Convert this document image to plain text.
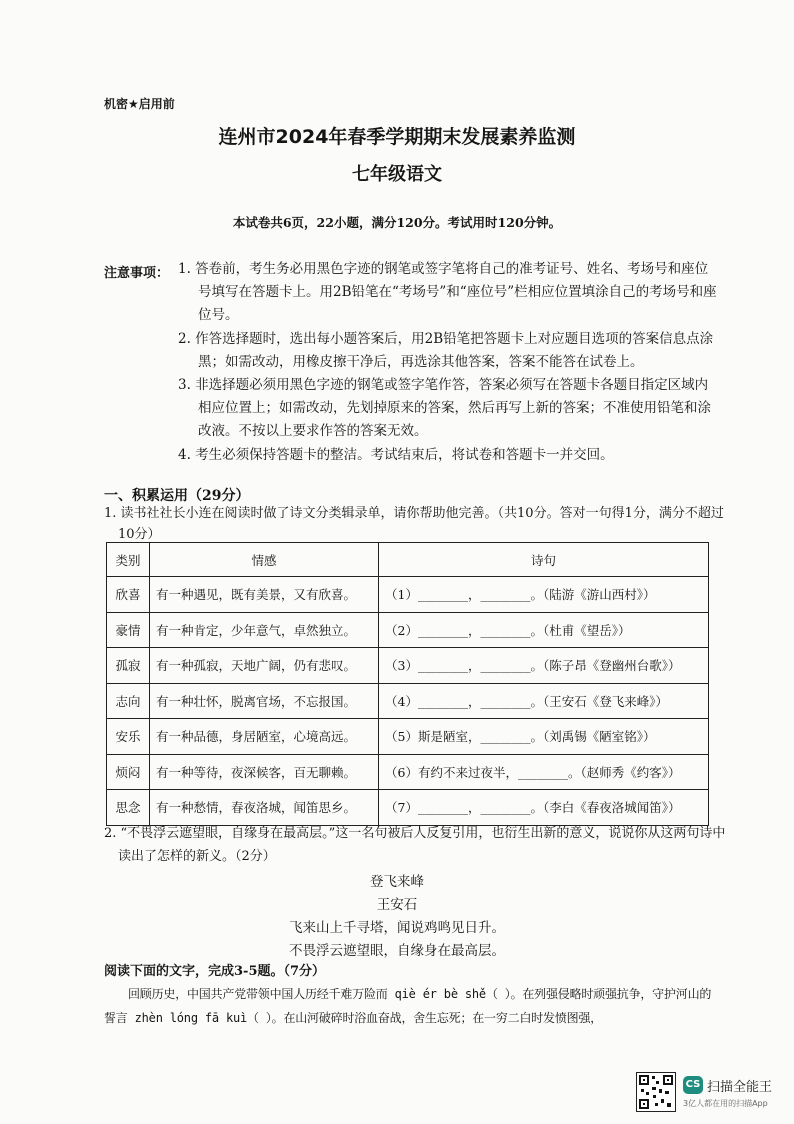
机密★启用前
连州市2024年春季学期期末发展素养监测
七年级语文
本试卷共6页，22小题，满分120分。考试用时120分钟。
注意事项： 1. 答卷前，考生务必用黑色字迹的钢笔或签字笔将自己的准考证号、姓名、考场号和座位号填写在答题卡上。用2B铅笔在“考场号”和“座位号”栏相应位置填涂自己的考场号和座位号。

2. 作答选择题时，选出每小题答案后，用2B铅笔把答题卡上对应题目选项的答案信息点涂黑；如需改动，用橡皮擦干净后，再选涂其他答案，答案不能答在试卷上。

3. 非选择题必须用黑色字迹的钢笔或签字笔作答，答案必须写在答题卡各题目指定区域内相应位置上；如需改动，先划掉原来的答案，然后再写上新的答案；不准使用铅笔和涂改液。不按以上要求作答的答案无效。

4. 考生必须保持答题卡的整洁。考试结束后，将试卷和答题卡一并交回。

一、积累运用（29分）
1. 读书社社长小连在阅读时做了诗文分类辑录单，请你帮助他完善。（共10分。答对一句得1分，满分不超过10分）
类别	情感	诗句
欣喜	有一种遇见，既有美景，又有欣喜。	（1）________，________。（陆游《游山西村》）
豪情	有一种肯定，少年意气，卓然独立。	（2）________，________。（杜甫《望岳》）
孤寂	有一种孤寂，天地广阔，仍有悲叹。	（3）________，________。（陈子昂《登幽州台歌》）
志向	有一种壮怀，脱离官场，不忘报国。	（4）________，________。（王安石《登飞来峰》）
安乐	有一种品德，身居陋室，心境高远。	（5）斯是陋室，________。（刘禹锡《陋室铭》）
烦闷	有一种等待，夜深候客，百无聊赖。	（6）有约不来过夜半，________。（赵师秀《约客》）
思念	有一种愁情，春夜洛城，闻笛思乡。	（7）________，________。（李白《春夜洛城闻笛》）
2. “不畏浮云遮望眼，自缘身在最高层。”这一名句被后人反复引用，也衍生出新的意义，说说你从这两句诗中读出了怎样的新义。（2分）
登飞来峰
王安石
飞来山上千寻塔，闻说鸡鸣见日升。
不畏浮云遮望眼，自缘身在最高层。
阅读下面的文字，完成3-5题。（7分）

回顾历史，中国共产党带领中国人历经千难万险而 qiè ér bè shě（ ）。在列强侵略时顽强抗争，守护河山的誓言 zhèn lóng fā kuì（ ）。在山河破碎时浴血奋战，舍生忘死；在一穷二白时发愤图强，

CS 扫描全能王
3亿人都在用的扫描App
